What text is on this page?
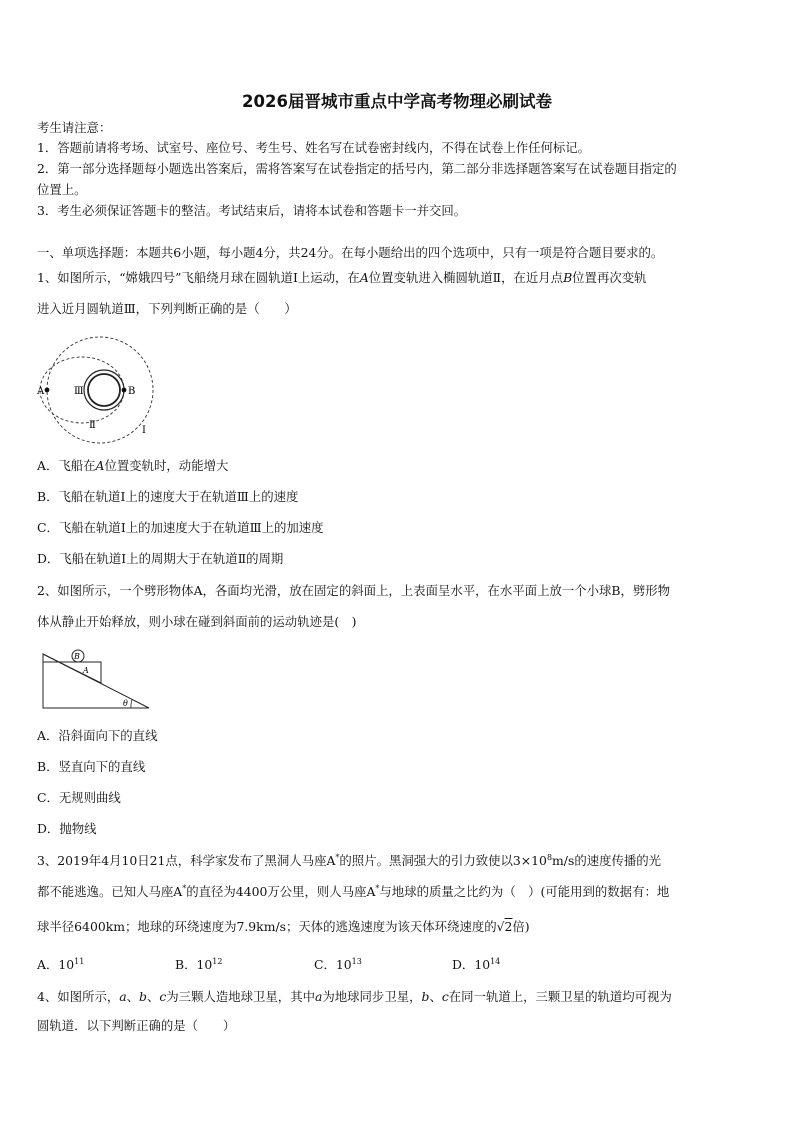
2026届晋城市重点中学高考物理必刷试卷
考生请注意：
1．答题前请将考场、试室号、座位号、考生号、姓名写在试卷密封线内，不得在试卷上作任何标记。
2．第一部分选择题每小题选出答案后，需将答案写在试卷指定的括号内，第二部分非选择题答案写在试卷题目指定的
位置上。
3．考生必须保证答题卡的整洁。考试结束后，请将本试卷和答题卡一并交回。
一、单项选择题：本题共6小题，每小题4分，共24分。在每小题给出的四个选项中，只有一项是符合题目要求的。
1、如图所示，“嫦娥四号”飞船绕月球在圆轨道Ⅰ上运动，在A位置变轨进入椭圆轨道Ⅱ，在近月点B位置再次变轨
进入近月圆轨道Ⅲ，下列判断正确的是（　　）
A	B
Ⅲ
Ⅱ	Ⅰ
A．飞船在A位置变轨时，动能增大
B．飞船在轨道Ⅰ上的速度大于在轨道Ⅲ上的速度
C．飞船在轨道Ⅰ上的加速度大于在轨道Ⅲ上的加速度
D．飞船在轨道Ⅰ上的周期大于在轨道Ⅱ的周期
2、如图所示，一个劈形物体A，各面均光滑，放在固定的斜面上，上表面呈水平，在水平面上放一个小球B，劈形物
体从静止开始释放，则小球在碰到斜面前的运动轨迹是(　)
B
A
θ
A．沿斜面向下的直线
B．竖直向下的直线
C．无规则曲线
D．抛物线
3、2019年4月10日21点，科学家发布了黑洞人马座A*的照片。黑洞强大的引力致使以$3\times 10^8m/s$的速度传播的光
都不能逃逸。已知人马座A*的直径为4400万公里，则人马座A*与地球的质量之比约为（　）(可能用到的数据有：地
球半径6400km；地球的环绕速度为7.9km/s；天体的逃逸速度为该天体环绕速度的√2倍)
A．$10^{11}$	B．$10^{12}$	C．$10^{13}$	D．$10^{14}$
4、如图所示，a、b、c为三颗人造地球卫星，其中a为地球同步卫星，b、c在同一轨道上，三颗卫星的轨道均可视为
圆轨道．以下判断正确的是（　　）
